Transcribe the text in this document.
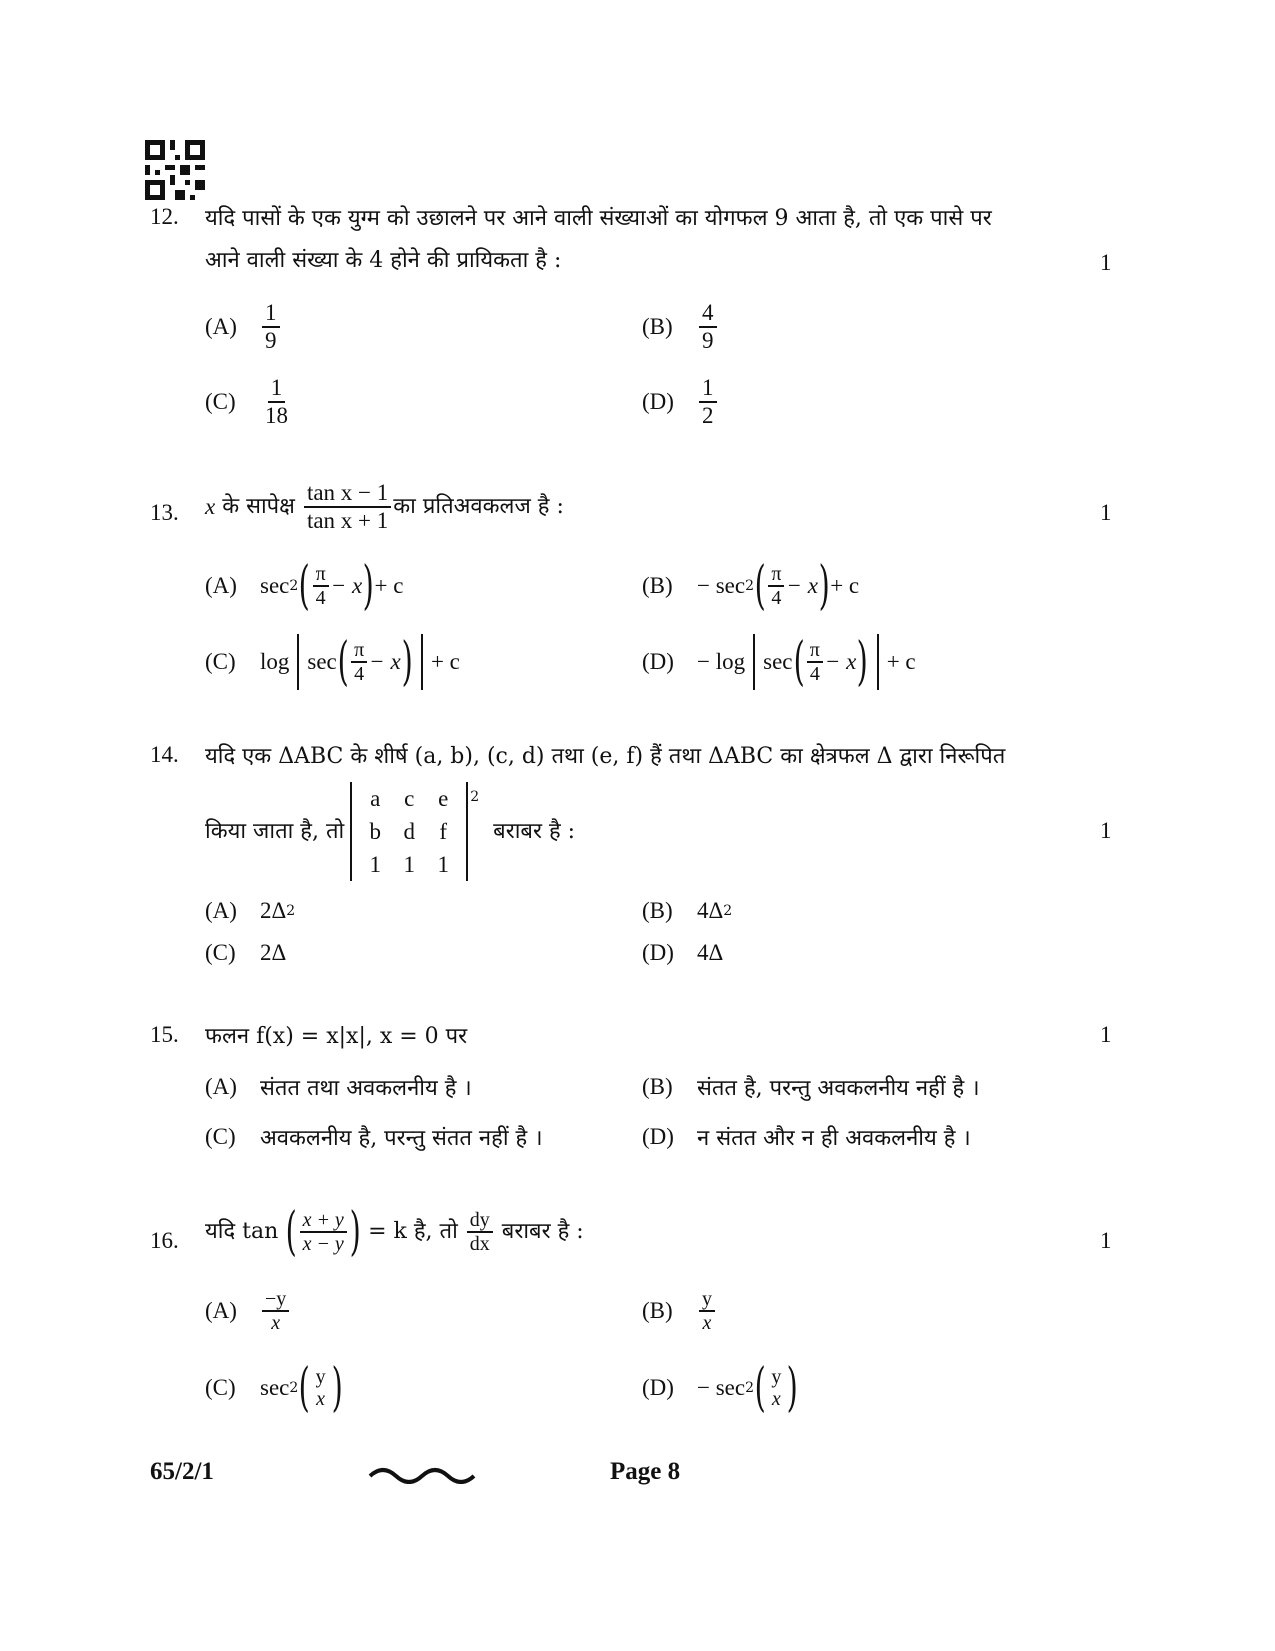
12. यदि पासों के एक युग्म को उछालने पर आने वाली संख्याओं का योगफल 9 आता है, तो एक पासे पर
आने वाली संख्या के 4 होने की प्रायिकता है :	1
(A)	$\frac{1}{9}$	(B)	$\frac{4}{9}$
(C)	$\frac{1}{18}$	(D)	$\frac{1}{2}$
13. x
के सापेक्ष
$\frac{\text{tan x − 1}}{\text{tan x + 1}}$ का प्रतिअवकलज है :	1
(A)	sec 2 ( $\frac{\pi}{4} - x$ ) + c	(B)	− sec 2 ( $\frac{\pi}{4} - x$ ) + c
(C)	log sec ( $\frac{\pi}{4} - x$ ) + c	(D)	− log sec ( $\frac{\pi}{4} - x$ ) + c
14. यदि एक ΔABC के शीर्ष (a, b), (c, d) तथा (e, f) हैं तथा ΔABC का क्षेत्रफल Δ द्वारा निरूपित
किया जाता है, तो
a	c	e
b d	f
1 1 1
$^2$
बराबर है :	1
(A)	2Δ 2	(B)	4Δ 2
(C)	2Δ	(D)	4Δ
15. फलन f(x) = x|x|, x = 0 पर	1
(A)	संतत तथा अवकलनीय है ।	(B)	संतत है, परन्तु अवकलनीय नहीं है ।
(C)	अवकलनीय है, परन्तु संतत नहीं है ।	(D)	न संतत और न ही अवकलनीय है ।
16. यदि tan
( $\frac{x + y}{x - y}$ )
= k है, तो
$\frac{dy}{dx}$
बराबर है :	1
(A)	$\frac{-y}{x}$	(B)	$\frac{y}{x}$
(C)	sec 2 ( y
x )	(D)	− sec 2 ( y
x )
65/2/1	Page 8
